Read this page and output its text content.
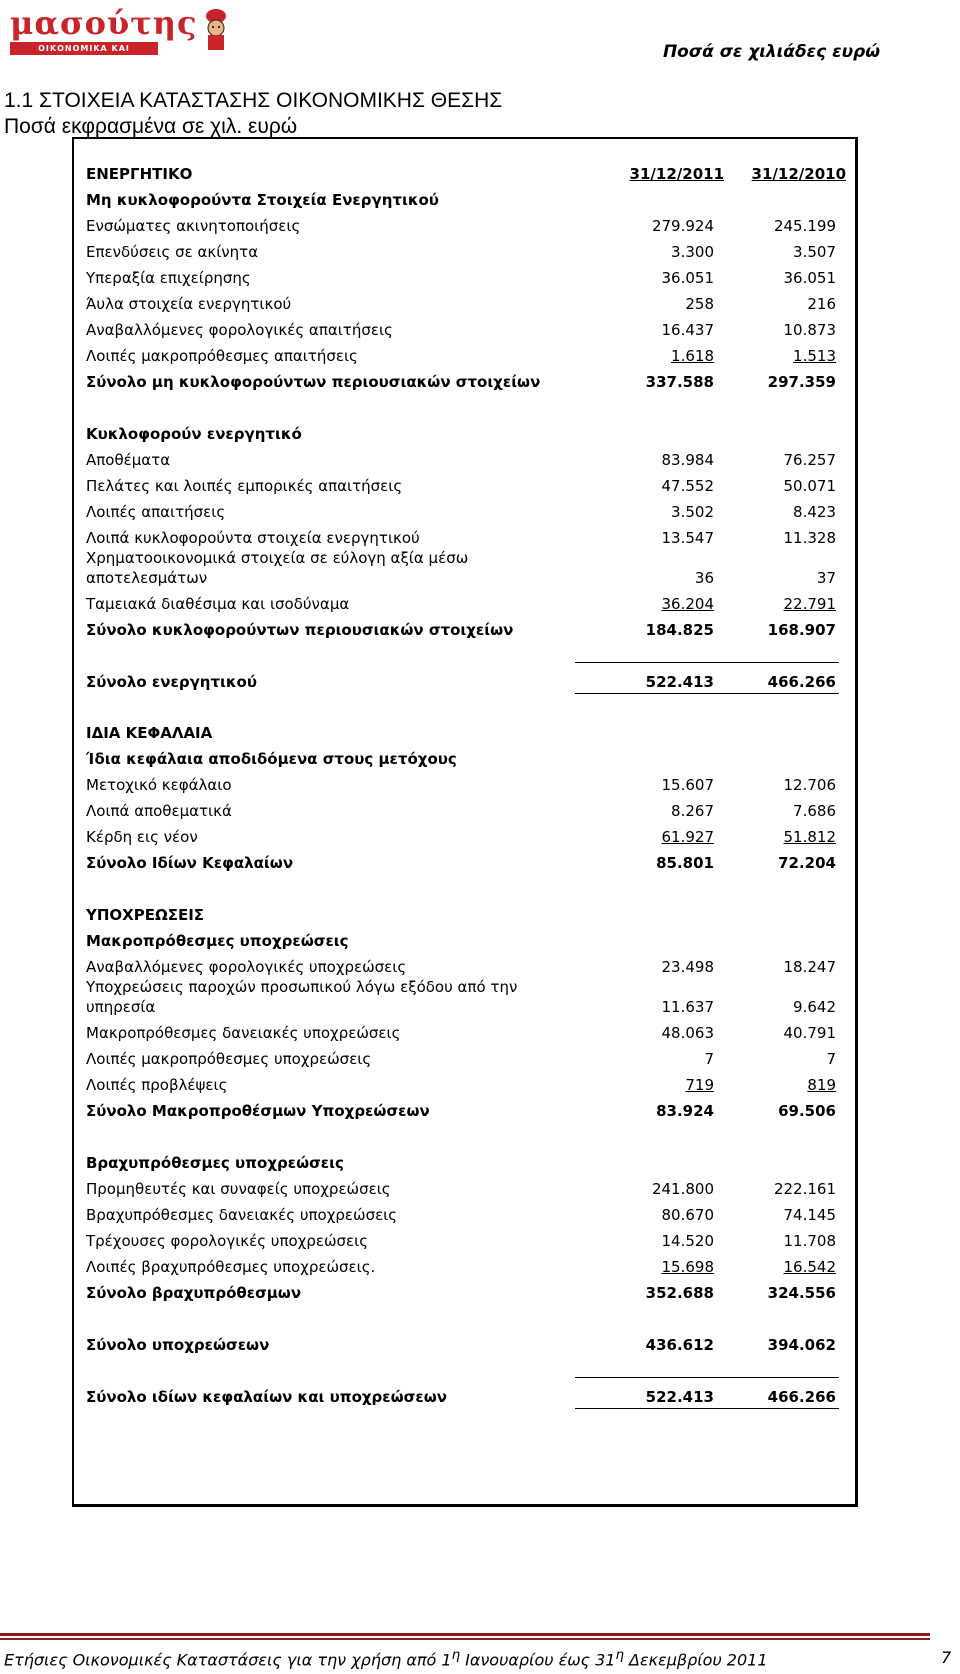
μασούτης
ΟΙΚΟΝΟΜΙΚΑ ΚΑΙ ΕΛΛΗΝΙΚΑ	Ποσά σε χιλιάδες ευρώ
1.1 ΣΤΟΙΧΕΙΑ ΚΑΤΑΣΤΑΣΗΣ ΟΙΚΟΝΟΜΙΚΗΣ ΘΕΣΗΣ
Ποσά εκφρασμένα σε χιλ. ευρώ
ΕΝΕΡΓΗΤΙΚΟ	31/12/2011	31/12/2010
Μη κυκλοφορούντα Στοιχεία Ενεργητικού
Ενσώματες ακινητοποιήσεις	279.924	245.199
Επενδύσεις σε ακίνητα	3.300	3.507
Υπεραξία επιχείρησης	36.051	36.051
Άυλα στοιχεία ενεργητικού	258	216
Αναβαλλόμενες φορολογικές απαιτήσεις	16.437	10.873
Λοιπές μακροπρόθεσμες απαιτήσεις	1.618	1.513
Σύνολο μη κυκλοφορούντων περιουσιακών στοιχείων	337.588	297.359
Κυκλοφορούν ενεργητικό
Αποθέματα	83.984	76.257
Πελάτες και λοιπές εμπορικές απαιτήσεις	47.552	50.071
Λοιπές απαιτήσεις	3.502	8.423
Λοιπά κυκλοφορούντα στοιχεία ενεργητικού	13.547	11.328
Χρηματοοικονομικά στοιχεία σε εύλογη αξία μέσω
αποτελεσμάτων	36	37
Ταμειακά διαθέσιμα και ισοδύναμα	36.204	22.791
Σύνολο κυκλοφορούντων περιουσιακών στοιχείων	184.825	168.907
Σύνολο ενεργητικού	522.413	466.266
ΙΔΙΑ ΚΕΦΑΛΑΙΑ
Ίδια κεφάλαια αποδιδόμενα στους μετόχους
Μετοχικό κεφάλαιο	15.607	12.706
Λοιπά αποθεματικά	8.267	7.686
Κέρδη εις νέον	61.927	51.812
Σύνολο Ιδίων Κεφαλαίων	85.801	72.204
ΥΠΟΧΡΕΩΣΕΙΣ
Μακροπρόθεσμες υποχρεώσεις
Αναβαλλόμενες φορολογικές υποχρεώσεις	23.498	18.247
Υποχρεώσεις παροχών προσωπικού λόγω εξόδου από την
υπηρεσία	11.637	9.642
Μακροπρόθεσμες δανειακές υποχρεώσεις	48.063	40.791
Λοιπές μακροπρόθεσμες υποχρεώσεις	7	7
Λοιπές προβλέψεις	719	819
Σύνολο Μακροπροθέσμων Υποχρεώσεων	83.924	69.506
Βραχυπρόθεσμες υποχρεώσεις
Προμηθευτές και συναφείς υποχρεώσεις	241.800	222.161
Βραχυπρόθεσμες δανειακές υποχρεώσεις	80.670	74.145
Τρέχουσες φορολογικές υποχρεώσεις	14.520	11.708
Λοιπές βραχυπρόθεσμες υποχρεώσεις.	15.698	16.542
Σύνολο βραχυπρόθεσμων	352.688	324.556
Σύνολο υποχρεώσεων	436.612	394.062
Σύνολο ιδίων κεφαλαίων και υποχρεώσεων	522.413	466.266
Ετήσιες Οικονομικές Καταστάσεις για την χρήση από $1^\eta$ Ιανουαρίου έως $31^\eta$ Δεκεμβρίου 2011	7
